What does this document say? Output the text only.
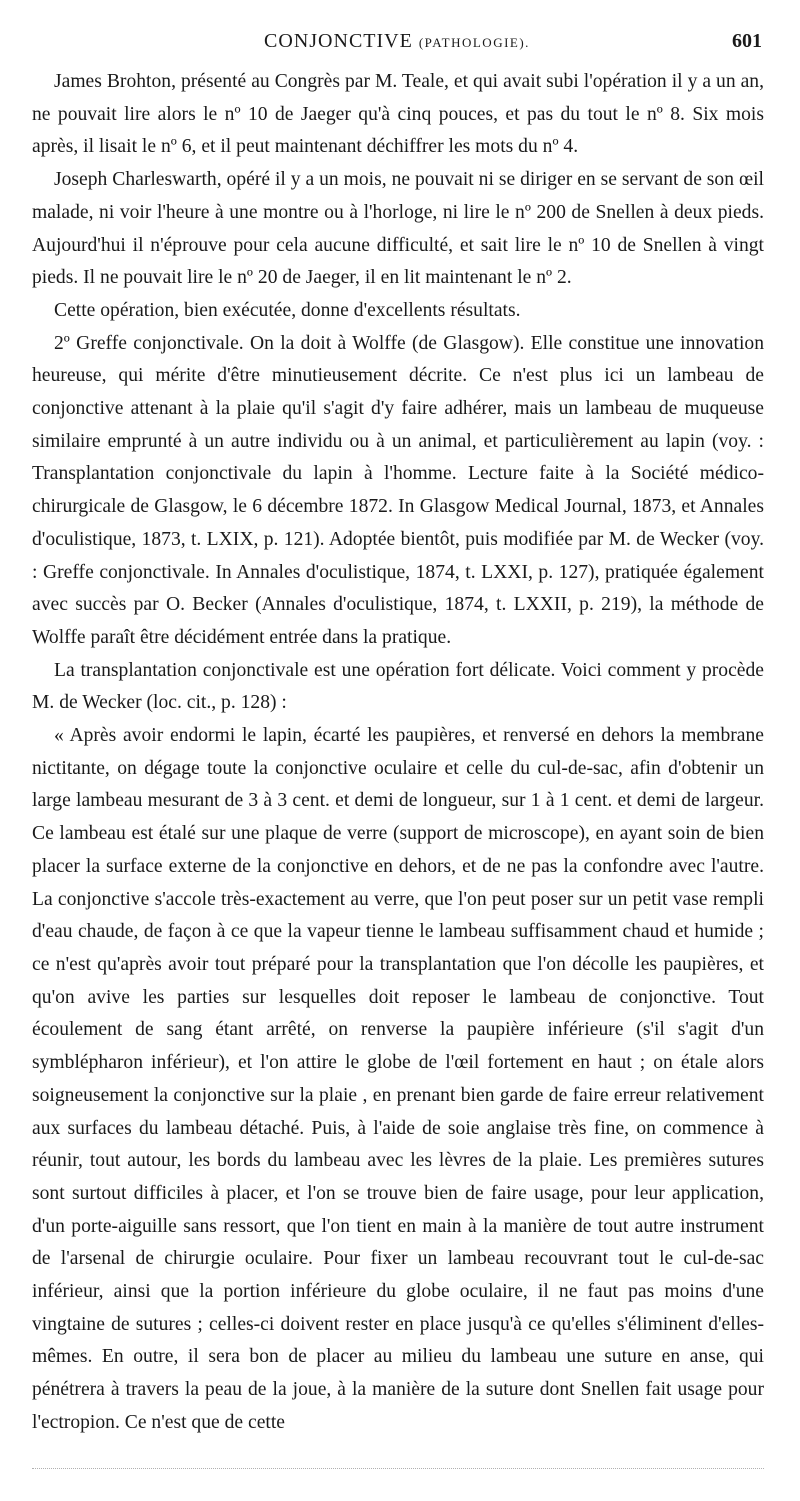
CONJONCTIVE (PATHOLOGIE).	601

James Brohton, présenté au Congrès par M. Teale, et qui avait subi l'opération il y a un an, ne pouvait lire alors le nº 10 de Jaeger qu'à cinq pouces, et pas du tout le nº 8. Six mois après, il lisait le nº 6, et il peut maintenant déchiffrer les mots du nº 4.

Joseph Charleswarth, opéré il y a un mois, ne pouvait ni se diriger en se servant de son œil malade, ni voir l'heure à une montre ou à l'horloge, ni lire le nº 200 de Snellen à deux pieds. Aujourd'hui il n'éprouve pour cela aucune difficulté, et sait lire le nº 10 de Snellen à vingt pieds. Il ne pouvait lire le nº 20 de Jaeger, il en lit maintenant le nº 2.

Cette opération, bien exécutée, donne d'excellents résultats.

2º Greffe conjonctivale. On la doit à Wolffe (de Glasgow). Elle constitue une innovation heureuse, qui mérite d'être minutieusement décrite. Ce n'est plus ici un lambeau de conjonctive attenant à la plaie qu'il s'agit d'y faire adhérer, mais un lambeau de muqueuse similaire emprunté à un autre individu ou à un animal, et particulièrement au lapin (voy. : Transplantation conjonctivale du lapin à l'homme. Lecture faite à la Société médico-chirurgicale de Glasgow, le 6 décembre 1872. In Glasgow Medical Journal, 1873, et Annales d'oculistique, 1873, t. LXIX, p. 121). Adoptée bientôt, puis modifiée par M. de Wecker (voy. : Greffe conjonctivale. In Annales d'oculistique, 1874, t. LXXI, p. 127), pratiquée également avec succès par O. Becker (Annales d'oculistique, 1874, t. LXXII, p. 219), la méthode de Wolffe paraît être décidément entrée dans la pratique.

La transplantation conjonctivale est une opération fort délicate. Voici comment y procède M. de Wecker (loc. cit., p. 128) :

« Après avoir endormi le lapin, écarté les paupières, et renversé en dehors la membrane nictitante, on dégage toute la conjonctive oculaire et celle du cul-de-sac, afin d'obtenir un large lambeau mesurant de 3 à 3 cent. et demi de longueur, sur 1 à 1 cent. et demi de largeur. Ce lambeau est étalé sur une plaque de verre (support de microscope), en ayant soin de bien placer la surface externe de la conjonctive en dehors, et de ne pas la confondre avec l'autre. La conjonctive s'accole très-exactement au verre, que l'on peut poser sur un petit vase rempli d'eau chaude, de façon à ce que la vapeur tienne le lambeau suffisamment chaud et humide ; ce n'est qu'après avoir tout préparé pour la transplantation que l'on décolle les paupières, et qu'on avive les parties sur lesquelles doit reposer le lambeau de conjonctive. Tout écoulement de sang étant arrêté, on renverse la paupière inférieure (s'il s'agit d'un symblépharon inférieur), et l'on attire le globe de l'œil fortement en haut ; on étale alors soigneusement la conjonctive sur la plaie , en prenant bien garde de faire erreur relativement aux surfaces du lambeau détaché. Puis, à l'aide de soie anglaise très fine, on commence à réunir, tout autour, les bords du lambeau avec les lèvres de la plaie. Les premières sutures sont surtout difficiles à placer, et l'on se trouve bien de faire usage, pour leur application, d'un porte-aiguille sans ressort, que l'on tient en main à la manière de tout autre instrument de l'arsenal de chirurgie oculaire. Pour fixer un lambeau recouvrant tout le cul-de-sac inférieur, ainsi que la portion inférieure du globe oculaire, il ne faut pas moins d'une vingtaine de sutures ; celles-ci doivent rester en place jusqu'à ce qu'elles s'éliminent d'elles-mêmes. En outre, il sera bon de placer au milieu du lambeau une suture en anse, qui pénétrera à travers la peau de la joue, à la manière de la suture dont Snellen fait usage pour l'ectropion. Ce n'est que de cette
